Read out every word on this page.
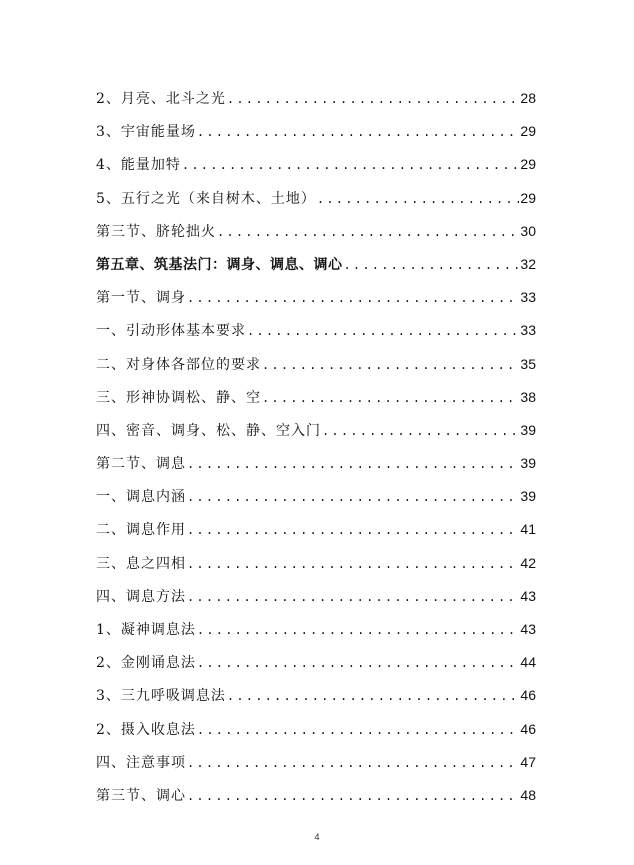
2、月亮、北斗之光 .....	28
3、宇宙能量场 .....	29
4、能量加特 .....	29
5、五行之光（来自树木、土地） .....	29
第三节、脐轮拙火 .....	30
第五章、筑基法门：调身、调息、调心 .....	32
第一节、调身 .....	33
一、引动形体基本要求 .....	33
二、对身体各部位的要求 .....	35
三、形神协调松、静、空 .....	38
四、密音、调身、松、静、空入门 .....	39
第二节、调息 .....	39
一、调息内涵 .....	39
二、调息作用 .....	41
三、息之四相 .....	42
四、调息方法 .....	43
1、凝神调息法 .....	43
2、金刚诵息法 .....	44
3、三九呼吸调息法 .....	46
2、摄入收息法 .....	46
四、注意事项 .....	47
第三节、调心 .....	48
4
